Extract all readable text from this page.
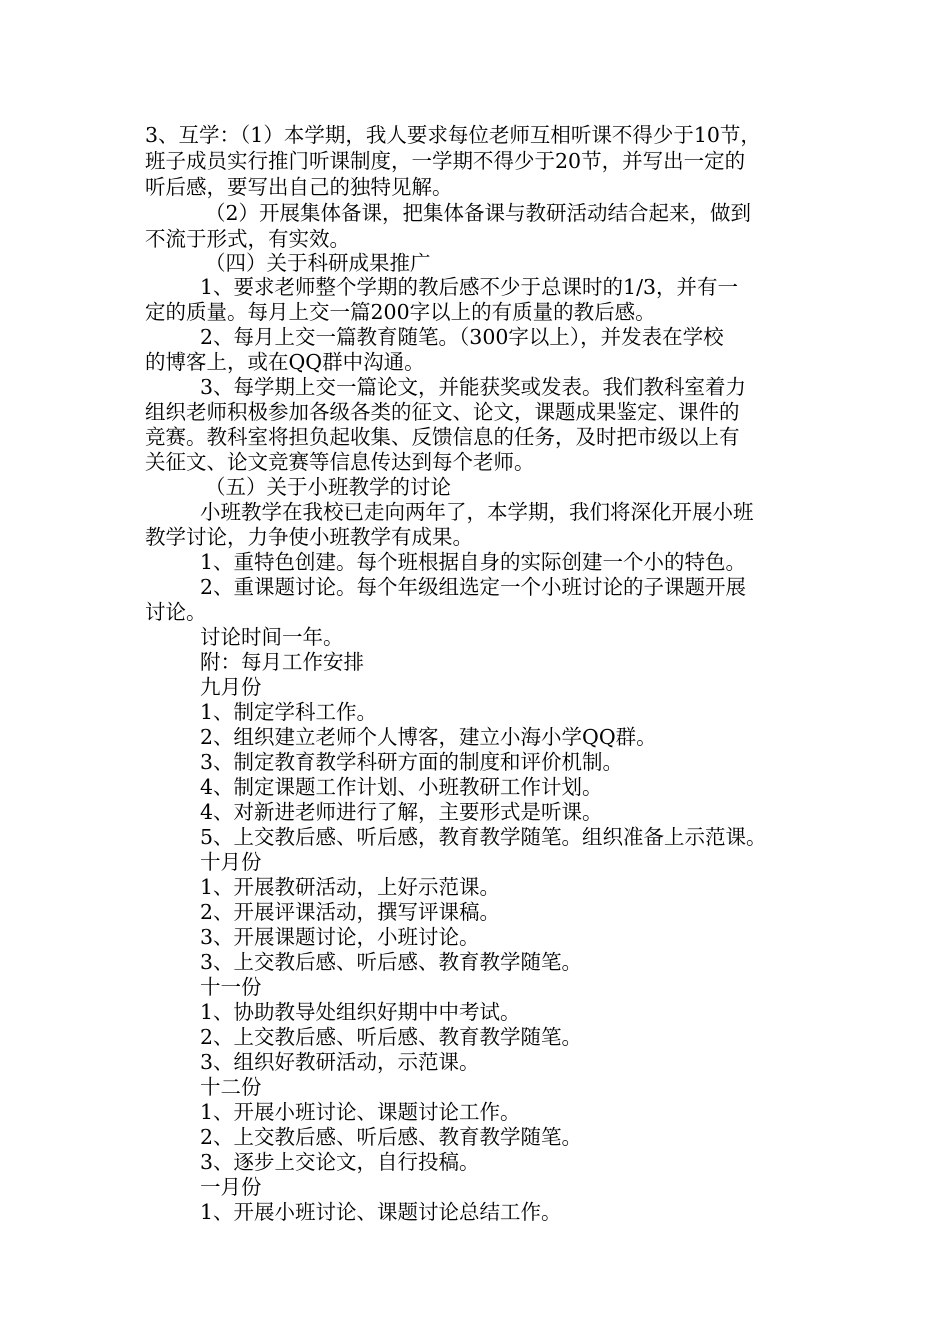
3、互学：（1）本学期，我人要求每位老师互相听课不得少于10节，
班子成员实行推门听课制度，一学期不得少于20节，并写出一定的
听后感，要写出自己的独特见解。
（2）开展集体备课，把集体备课与教研活动结合起来，做到
不流于形式，有实效。
（四）关于科研成果推广
1、要求老师整个学期的教后感不少于总课时的1/3，并有一
定的质量。每月上交一篇200字以上的有质量的教后感。
2、每月上交一篇教育随笔。（300字以上），并发表在学校
的博客上，或在QQ群中沟通。
3、每学期上交一篇论文，并能获奖或发表。我们教科室着力
组织老师积极参加各级各类的征文、论文，课题成果鉴定、课件的
竞赛。教科室将担负起收集、反馈信息的任务，及时把市级以上有
关征文、论文竞赛等信息传达到每个老师。
（五）关于小班教学的讨论
小班教学在我校已走向两年了，本学期，我们将深化开展小班
教学讨论，力争使小班教学有成果。
1、重特色创建。每个班根据自身的实际创建一个小的特色。
2、重课题讨论。每个年级组选定一个小班讨论的子课题开展
讨论。
讨论时间一年。
附：每月工作安排
九月份
1、制定学科工作。
2、组织建立老师个人博客，建立小海小学QQ群。
3、制定教育教学科研方面的制度和评价机制。
4、制定课题工作计划、小班教研工作计划。
4、对新进老师进行了解，主要形式是听课。
5、上交教后感、听后感，教育教学随笔。组织准备上示范课。
十月份
1、开展教研活动，上好示范课。
2、开展评课活动，撰写评课稿。
3、开展课题讨论，小班讨论。
3、上交教后感、听后感、教育教学随笔。
十一份
1、协助教导处组织好期中中考试。
2、上交教后感、听后感、教育教学随笔。
3、组织好教研活动，示范课。
十二份
1、开展小班讨论、课题讨论工作。
2、上交教后感、听后感、教育教学随笔。
3、逐步上交论文，自行投稿。
一月份
1、开展小班讨论、课题讨论总结工作。
